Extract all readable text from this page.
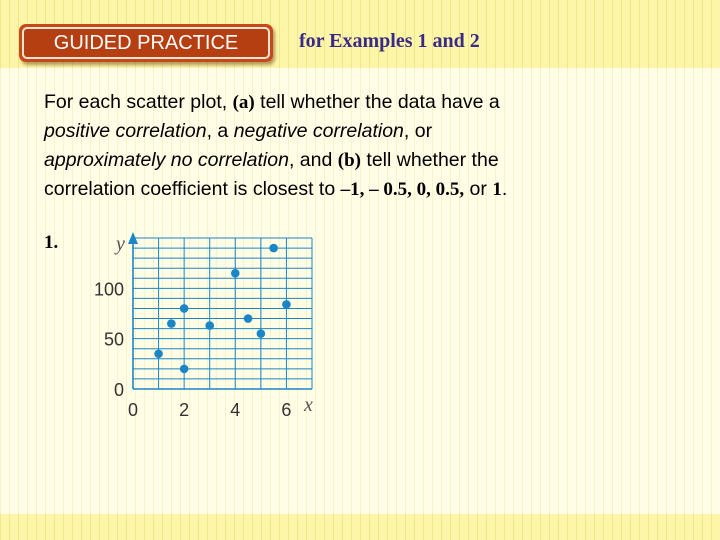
GUIDED PRACTICE	for Examples 1 and 2
For each scatter plot, (a) tell whether the data have a
positive correlation, a negative correlation, or
approximately no correlation, and (b) tell whether the
correlation coefficient is closest to –1, – 0.5, 0, 0.5, or 1.
1.
0 2 4 6
0
50
100
x
y
